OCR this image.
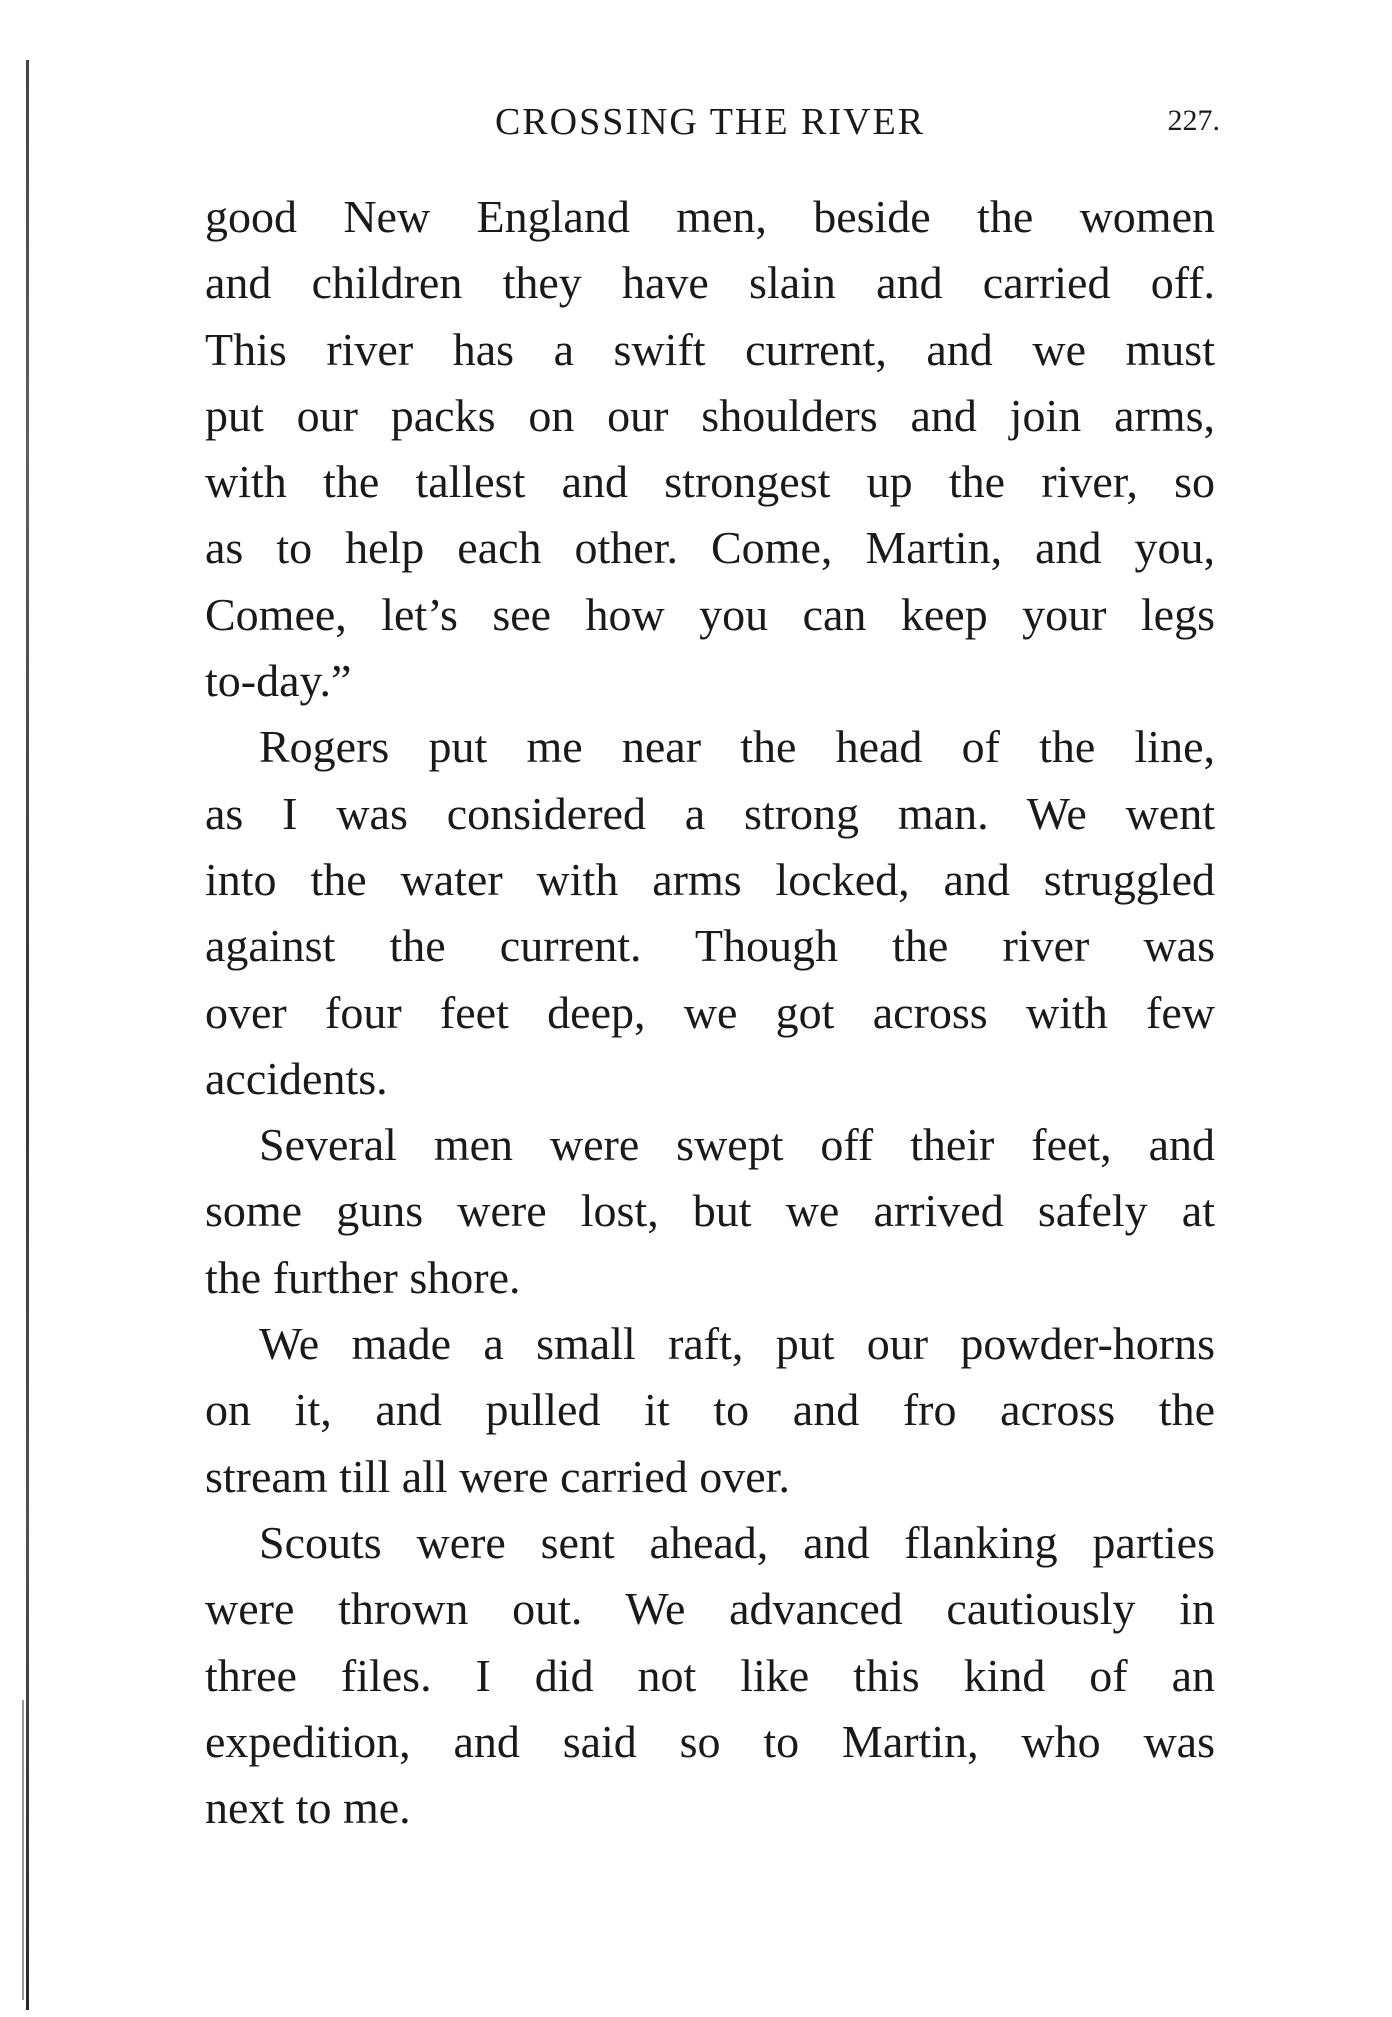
CROSSING THE RIVER	227.
good New England men, beside the women
and children they have slain and carried off.
This river has a swift current, and we must
put our packs on our shoulders and join arms,
with the tallest and strongest up the river, so
as to help each other. Come, Martin, and you,
Comee, let’s see how you can keep your legs
to-day.”
Rogers put me near the head of the line,
as I was considered a strong man. We went
into the water with arms locked, and struggled
against the current. Though the river was
over four feet deep, we got across with few
accidents.
Several men were swept off their feet, and
some guns were lost, but we arrived safely at
the further shore.
We made a small raft, put our powder-horns
on it, and pulled it to and fro across the
stream till all were carried over.
Scouts were sent ahead, and flanking parties
were thrown out. We advanced cautiously in
three files. I did not like this kind of an
expedition, and said so to Martin, who was
next to me.
